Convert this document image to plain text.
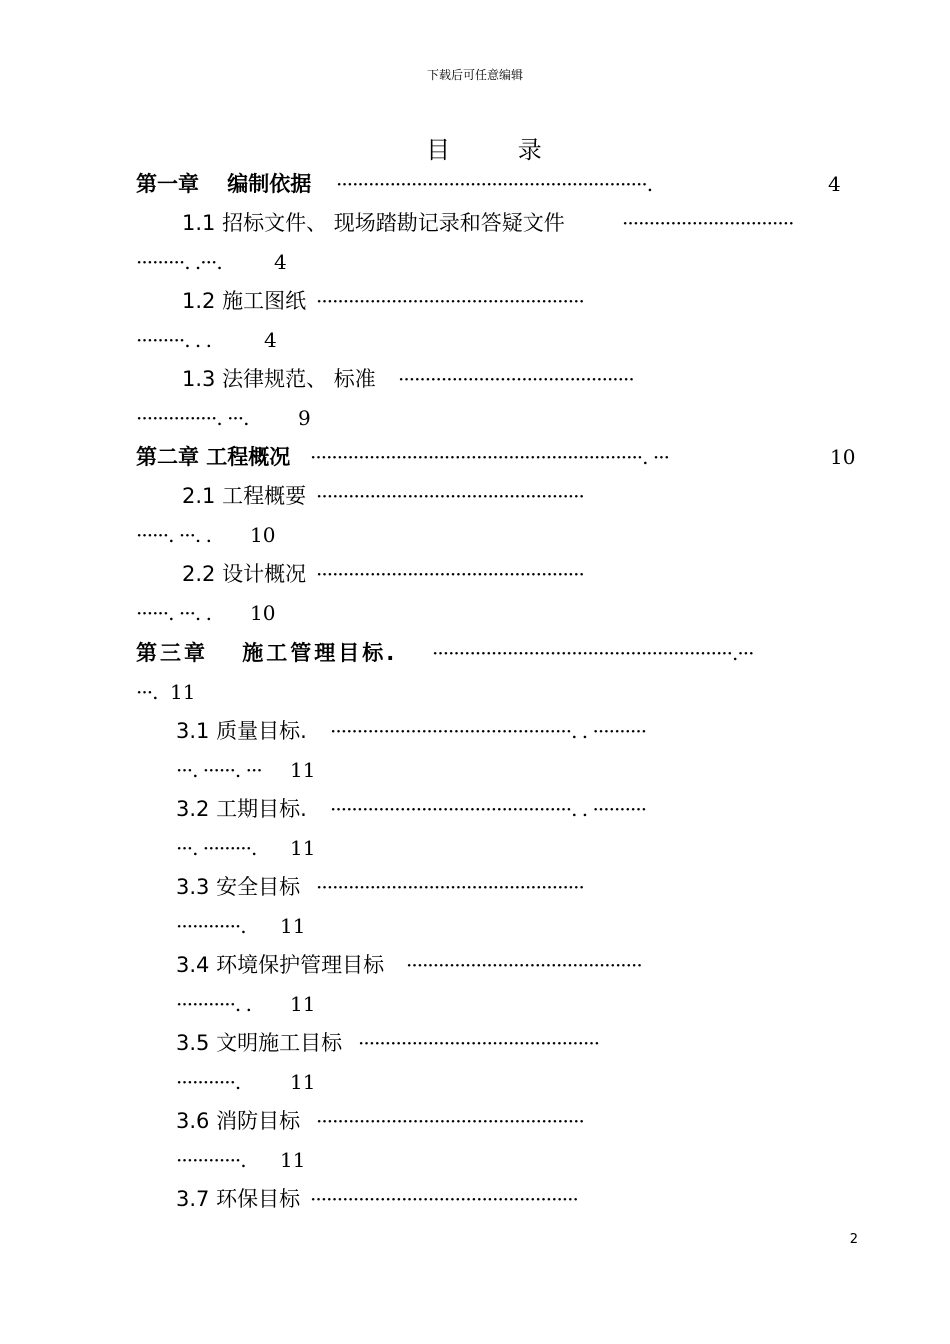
下载后可任意编辑
目 录
第一章　 编制依据 ··························································.	4
1.1 招标文件、 现场踏勘记录和答疑文件	································
·········. .···.	4
1.2 施工图纸 ··················································
·········. . .	4
1.3 法律规范、 标准 ············································
···············. ···. 9
第二章 工程概况 ······························································. ···	10
2.1 工程概要 ··················································
······. ···. . 10
2.2 设计概况 ··················································
······. ···. . 10
第三章　 施工管理目标. ························································.···
···. 11
3.1 质量目标. ·············································. . ··········
···. ······. ··· 11
3.2 工期目标. ·············································. . ··········
···. ·········. 11
3.3 安全目标 ··················································
············. 11
3.4 环境保护管理目标 ············································
···········. . 11
3.5 文明施工目标 ·············································
···········. 11
3.6 消防目标 ··················································
············. 11
3.7 环保目标 ··················································
2
